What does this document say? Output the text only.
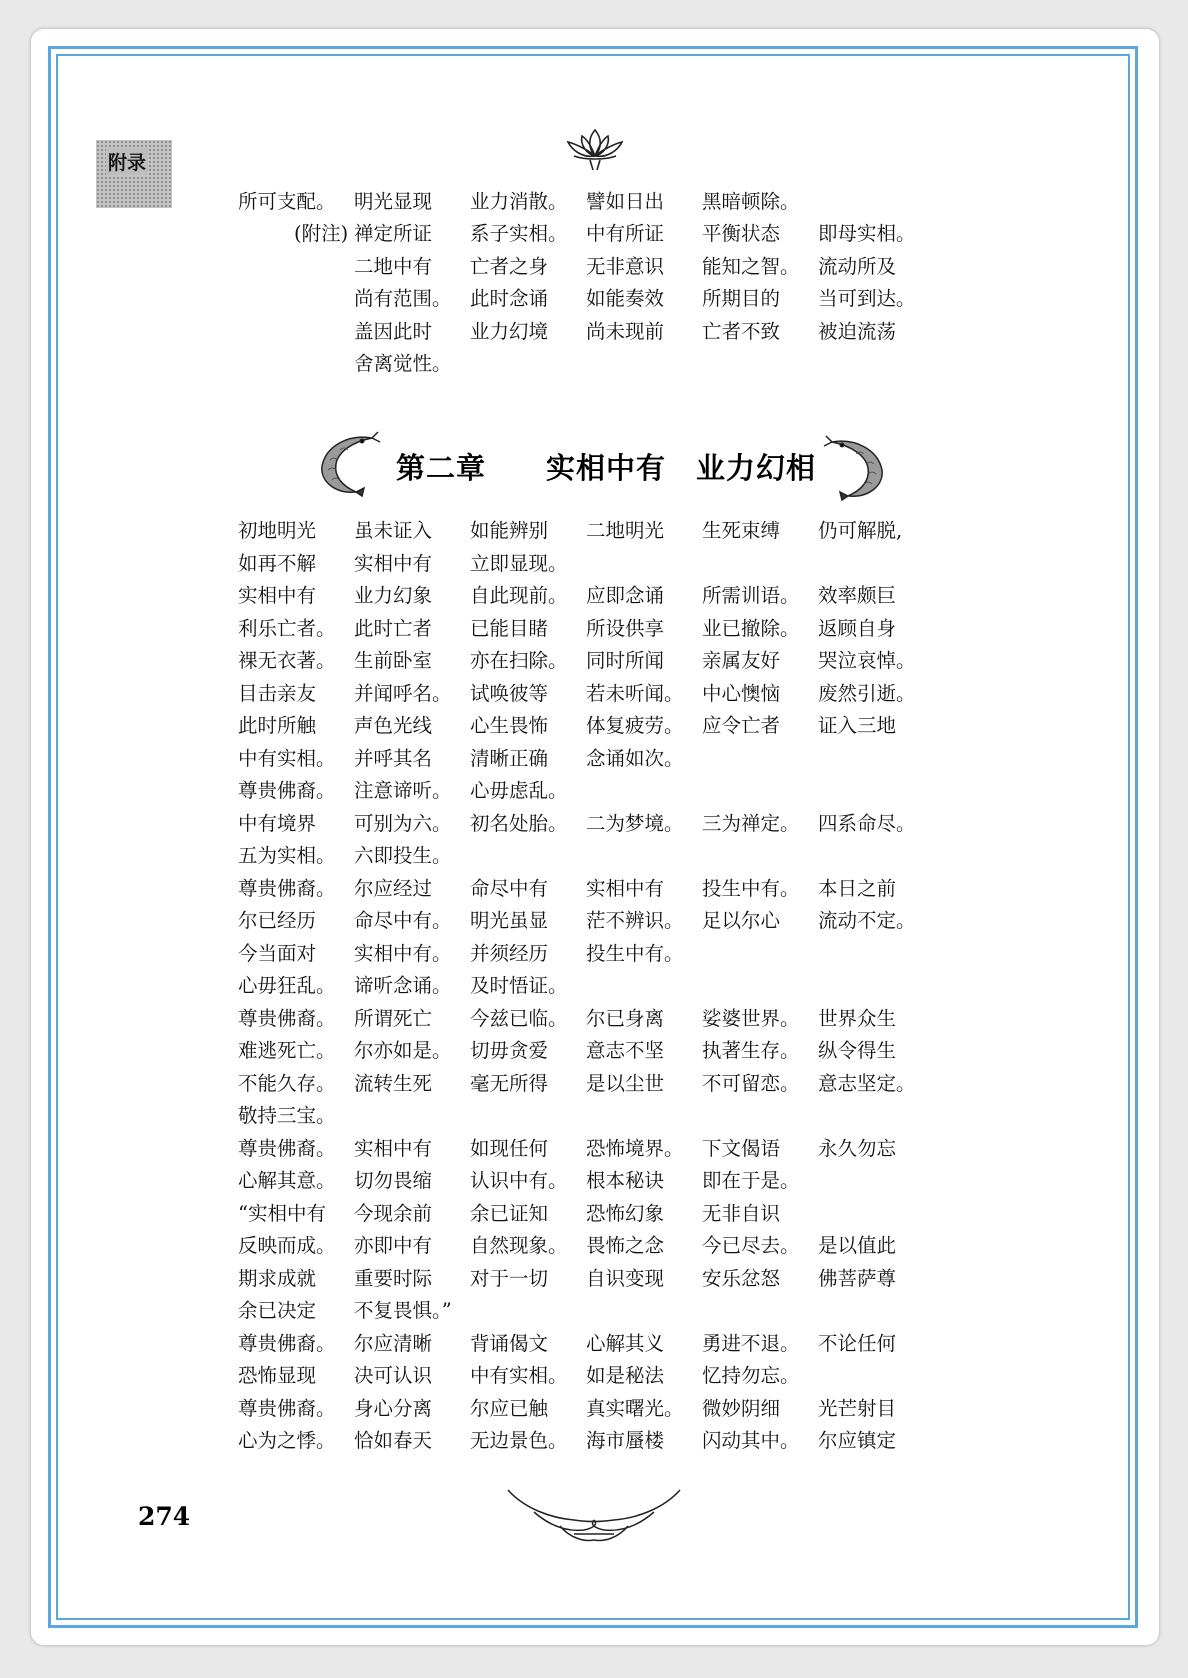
附录
所可支配。 明光显现 业力消散。 譬如日出 黑暗顿除。
(附注) 禅定所证 系子实相。 中有所证 平衡状态 即母实相。
二地中有 亡者之身 无非意识 能知之智。 流动所及
尚有范围。 此时念诵 如能奏效 所期目的 当可到达。
盖因此时 业力幻境 尚未现前 亡者不致 被迫流荡
舍离觉性。
第二章　　实相中有　业力幻相
初地明光 虽未证入 如能辨别 二地明光 生死束缚 仍可解脱,
如再不解 实相中有 立即显现。
实相中有 业力幻象 自此现前。 应即念诵 所需训语。 效率颇巨
利乐亡者。 此时亡者 已能目睹 所设供享 业已撤除。 返顾自身
裸无衣著。 生前卧室 亦在扫除。 同时所闻 亲属友好 哭泣哀悼。
目击亲友 并闻呼名。 试唤彼等 若未听闻。 中心懊恼 废然引逝。
此时所触 声色光线 心生畏怖 体复疲劳。 应令亡者 证入三地
中有实相。 并呼其名 清晰正确 念诵如次。
尊贵佛裔。 注意谛听。 心毋虑乱。
中有境界 可别为六。 初名处胎。 二为梦境。 三为禅定。 四系命尽。
五为实相。 六即投生。
尊贵佛裔。 尔应经过 命尽中有 实相中有 投生中有。 本日之前
尔已经历 命尽中有。 明光虽显 茫不辨识。 足以尔心 流动不定。
今当面对 实相中有。 并须经历 投生中有。
心毋狂乱。 谛听念诵。 及时悟证。
尊贵佛裔。 所谓死亡 今兹已临。 尔已身离 娑婆世界。 世界众生
难逃死亡。 尔亦如是。 切毋贪爱 意志不坚 执著生存。 纵令得生
不能久存。 流转生死 毫无所得 是以尘世 不可留恋。 意志坚定。
敬持三宝。
尊贵佛裔。 实相中有 如现任何 恐怖境界。 下文偈语 永久勿忘
心解其意。 切勿畏缩 认识中有。 根本秘诀 即在于是。
“实相中有 今现余前 余已证知 恐怖幻象 无非自识
反映而成。 亦即中有 自然现象。 畏怖之念 今已尽去。 是以值此
期求成就 重要时际 对于一切 自识变现 安乐忿怒 佛菩萨尊
余已决定 不复畏惧。”
尊贵佛裔。 尔应清晰 背诵偈文 心解其义 勇进不退。 不论任何
恐怖显现 决可认识 中有实相。 如是秘法 忆持勿忘。
尊贵佛裔。 身心分离 尔应已触 真实曙光。 微妙阴细 光芒射目
心为之悸。 恰如春天 无边景色。 海市蜃楼 闪动其中。 尔应镇定
274
